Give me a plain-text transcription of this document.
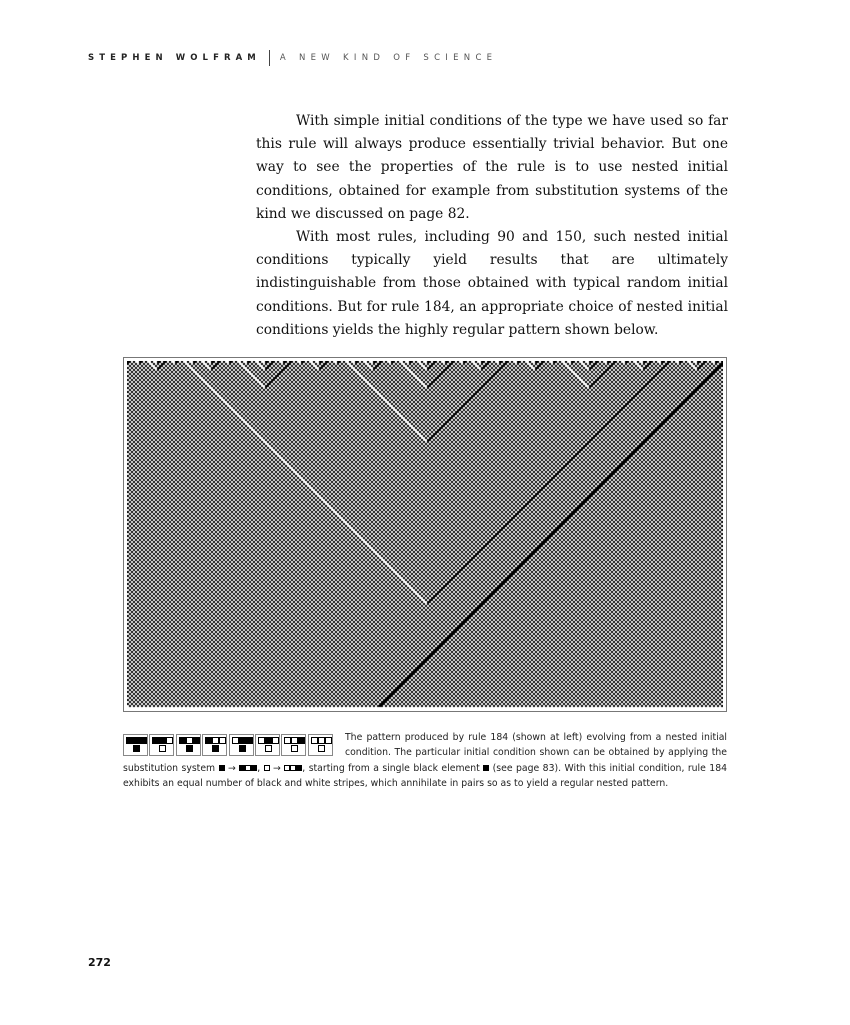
STEPHEN WOLFRAM A NEW KIND OF SCIENCE

With simple initial conditions of the type we have used so far this rule will always produce essentially trivial behavior. But one way to see the properties of the rule is to use nested initial conditions, obtained for example from substitution systems of the kind we discussed on page 82.

With most rules, including 90 and 150, such nested initial conditions typically yield results that are ultimately indistinguishable from those obtained with typical random initial conditions. But for rule 184, an appropriate choice of nested initial conditions yields the highly regular pattern shown below.

The pattern produced by rule 184 (shown at left) evolving from a nested initial condition. The particular initial condition shown can be obtained by applying the substitution system  → ,  → , starting from a single black element  (see page 83). With this initial condition, rule 184 exhibits an equal number of black and white stripes, which annihilate in pairs so as to yield a regular nested pattern.

272
